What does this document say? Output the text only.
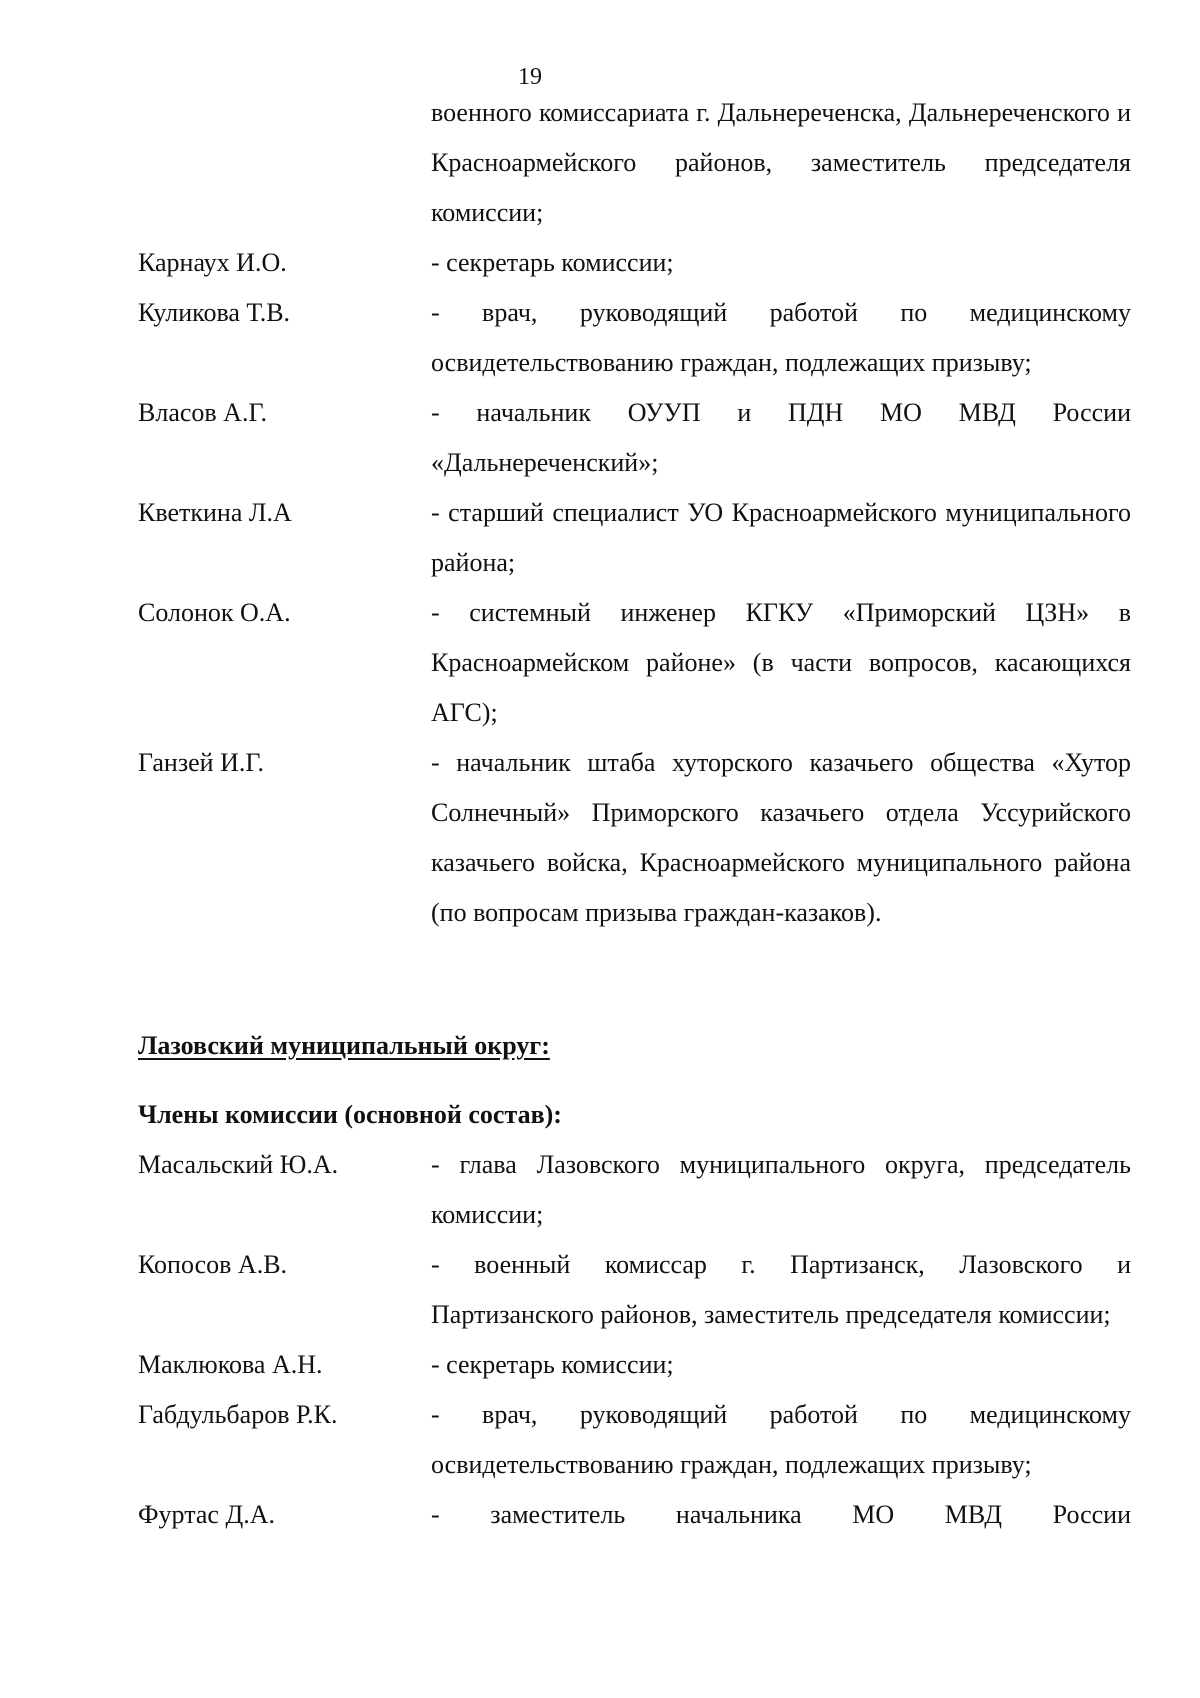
19
военного комиссариата г. Дальнереченска, Дальнереченского и Красноармейского районов, заместитель председателя комиссии;
Карнаух И.О.	- секретарь комиссии;
Куликова Т.В.	- врач, руководящий работой по медицинскому освидетельствованию граждан, подлежащих призыву;
Власов А.Г.	- начальник ОУУП и ПДН МО МВД России «Дальнереченский»;
Кветкина Л.А	- старший специалист УО Красноармейского муниципального района;
Солонок О.А.	- системный инженер КГКУ «Приморский ЦЗН» в Красноармейском районе» (в части вопросов, касающихся АГС);
Ганзей И.Г.	- начальник штаба хуторского казачьего общества «Хутор Солнечный» Приморского казачьего отдела Уссурийского казачьего войска, Красноармейского муниципального района (по вопросам призыва граждан-казаков).
Лазовский муниципальный округ:
Члены комиссии (основной состав):
Масальский Ю.А.	- глава Лазовского муниципального округа, председатель комиссии;
Копосов А.В.	- военный комиссар г. Партизанск, Лазовского и Партизанского районов, заместитель председателя комиссии;
Маклюкова А.Н.	- секретарь комиссии;
Габдульбаров Р.К.	- врач, руководящий работой по медицинскому освидетельствованию граждан, подлежащих призыву;
Фуртас Д.А.	- заместитель начальника МО МВД России
